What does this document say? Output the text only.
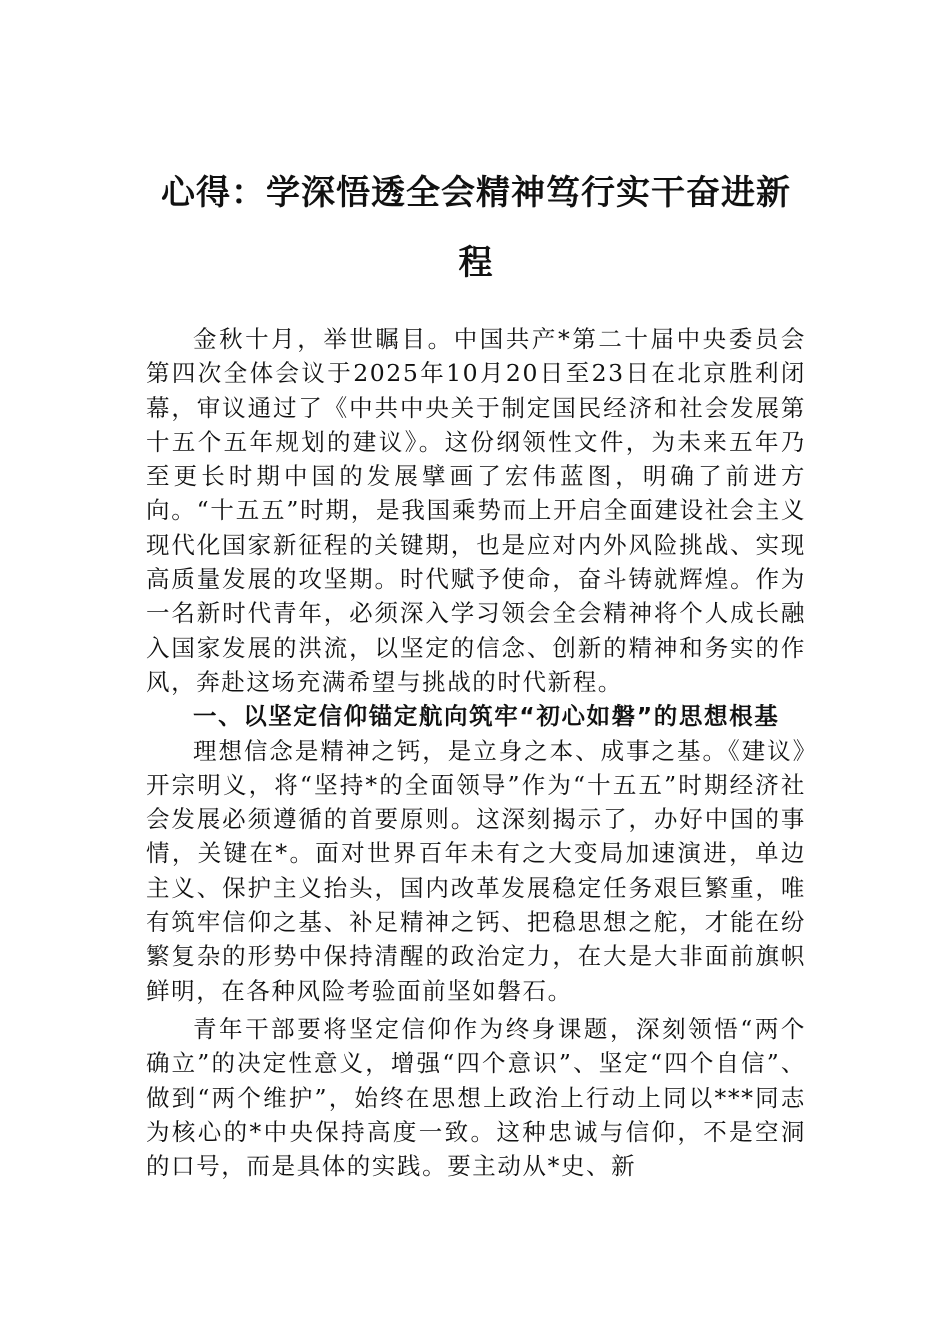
心得：学深悟透全会精神笃行实干奋进新程

金秋十月，举世瞩目。中国共产*第二十届中央委员会第四次全体会议于2025年10月20日至23日在北京胜利闭幕，审议通过了《中共中央关于制定国民经济和社会发展第十五个五年规划的建议》。这份纲领性文件，为未来五年乃至更长时期中国的发展擘画了宏伟蓝图，明确了前进方向。“十五五”时期，是我国乘势而上开启全面建设社会主义现代化国家新征程的关键期，也是应对内外风险挑战、实现高质量发展的攻坚期。时代赋予使命，奋斗铸就辉煌。作为一名新时代青年，必须深入学习领会全会精神将个人成长融入国家发展的洪流，以坚定的信念、创新的精神和务实的作风，奔赴这场充满希望与挑战的时代新程。

一、以坚定信仰锚定航向筑牢“初心如磐”的思想根基

理想信念是精神之钙，是立身之本、成事之基。《建议》开宗明义，将“坚持*的全面领导”作为“十五五”时期经济社会发展必须遵循的首要原则。这深刻揭示了，办好中国的事情，关键在*。面对世界百年未有之大变局加速演进，单边主义、保护主义抬头，国内改革发展稳定任务艰巨繁重，唯有筑牢信仰之基、补足精神之钙、把稳思想之舵，才能在纷繁复杂的形势中保持清醒的政治定力，在大是大非面前旗帜鲜明，在各种风险考验面前坚如磐石。

青年干部要将坚定信仰作为终身课题，深刻领悟“两个确立”的决定性意义，增强“四个意识”、坚定“四个自信”、做到“两个维护”，始终在思想上政治上行动上同以***同志为核心的*中央保持高度一致。这种忠诚与信仰，不是空洞的口号，而是具体的实践。要主动从*史、新
